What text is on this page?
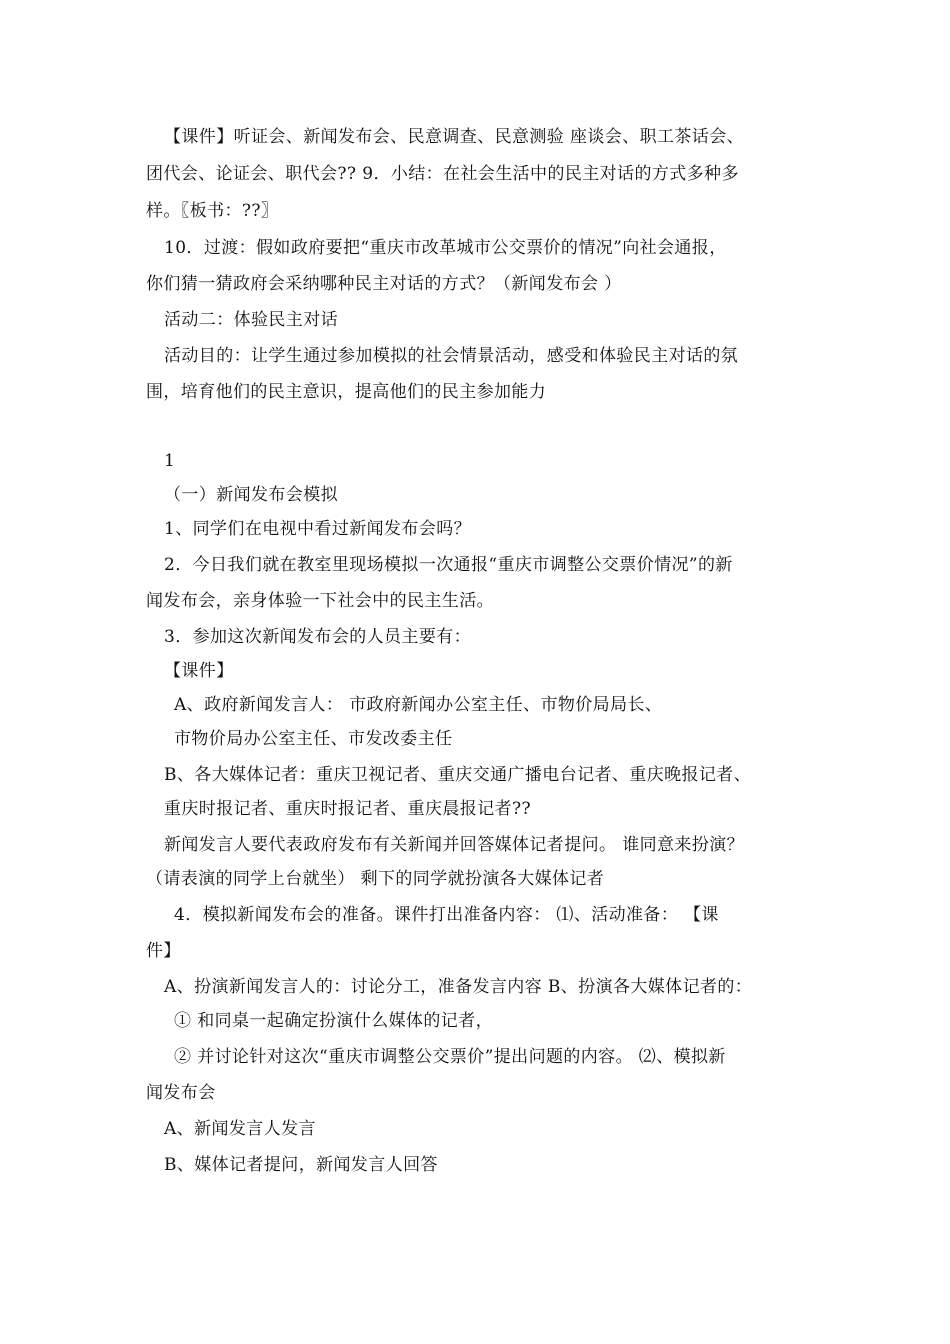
【课件】听证会、新闻发布会、民意调查、民意测验 座谈会、职工茶话会、
团代会、论证会、职代会?? 9．小结：在社会生活中的民主对话的方式多种多
样。〖板书：??〗
10．过渡：假如政府要把“重庆市改革城市公交票价的情况”向社会通报，
你们猜一猜政府会采纳哪种民主对话的方式？（新闻发布会 ）
活动二：体验民主对话
活动目的：让学生通过参加模拟的社会情景活动，感受和体验民主对话的氛
围，培育他们的民主意识，提高他们的民主参加能力
1
（一）新闻发布会模拟
1、同学们在电视中看过新闻发布会吗？
2．今日我们就在教室里现场模拟一次通报“重庆市调整公交票价情况”的新
闻发布会，亲身体验一下社会中的民主生活。
3．参加这次新闻发布会的人员主要有：
【课件】
A、政府新闻发言人： 市政府新闻办公室主任、市物价局局长、
市物价局办公室主任、市发改委主任
B、各大媒体记者：重庆卫视记者、重庆交通广播电台记者、重庆晚报记者、
重庆时报记者、重庆时报记者、重庆晨报记者??
新闻发言人要代表政府发布有关新闻并回答媒体记者提问。 谁同意来扮演？
（请表演的同学上台就坐） 剩下的同学就扮演各大媒体记者
4．模拟新闻发布会的准备。课件打出准备内容： ⑴、活动准备： 【课
件】
A、扮演新闻发言人的：讨论分工，准备发言内容 B、扮演各大媒体记者的：
① 和同桌一起确定扮演什么媒体的记者，
② 并讨论针对这次“重庆市调整公交票价”提出问题的内容。 ⑵、模拟新
闻发布会
A、新闻发言人发言
B、媒体记者提问，新闻发言人回答
